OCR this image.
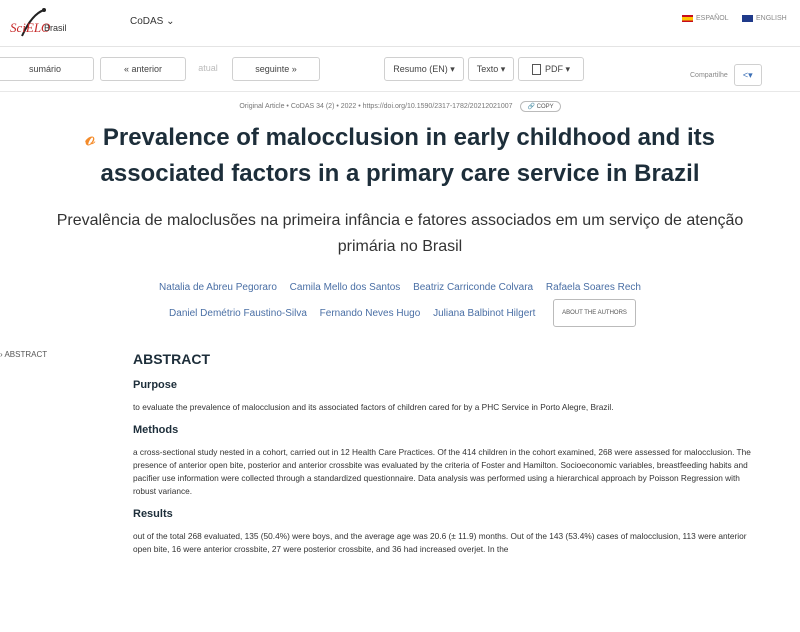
SciELO
Brasil
CoDAS ⌄	ESPAÑOL	ENGLISH
sumário	« anterior	atual	seguinte »	Resumo (EN)
▾ Texto
▾	PDF
▾
Compartilhe <▾
Original Article • CoDAS 34 (2) • 2022 • https://doi.org/10.1590/2317-1782/20212021007 🔗 COPY
𝓸 Prevalence of malocclusion in early childhood and its
associated factors in a primary care service in Brazil
Prevalência de maloclusões na primeira infância e fatores associados em um serviço de atenção
primária no Brasil
Natalia de Abreu Pegoraro Camila Mello dos Santos Beatriz Carriconde Colvara Rafaela Soares Rech
Daniel Demétrio Faustino-Silva Fernando Neves Hugo Juliana Balbinot Hilgert	ABOUT THE AUTHORS
› ABSTRACT	ABSTRACT
Purpose
to evaluate the prevalence of malocclusion and its associated factors of children cared for by a PHC Service in Porto Alegre, Brazil.
Methods
a cross-sectional study nested in a cohort, carried out in 12 Health Care Practices. Of the 414 children in the cohort examined, 268 were assessed for malocclusion. The presence of anterior open bite, posterior and anterior crossbite was evaluated by the criteria of Foster and Hamilton. Socioeconomic variables, breastfeeding habits and pacifier use information were collected through a standardized questionnaire. Data analysis was performed using a hierarchical approach by Poisson Regression with robust variance.
Results
out of the total 268 evaluated, 135 (50.4%) were boys, and the average age was 20.6 (± 11.9) months. Out of the 143 (53.4%) cases of malocclusion, 113 were anterior open bite, 16 were anterior crossbite, 27 were posterior crossbite, and 36 had increased overjet. In the
